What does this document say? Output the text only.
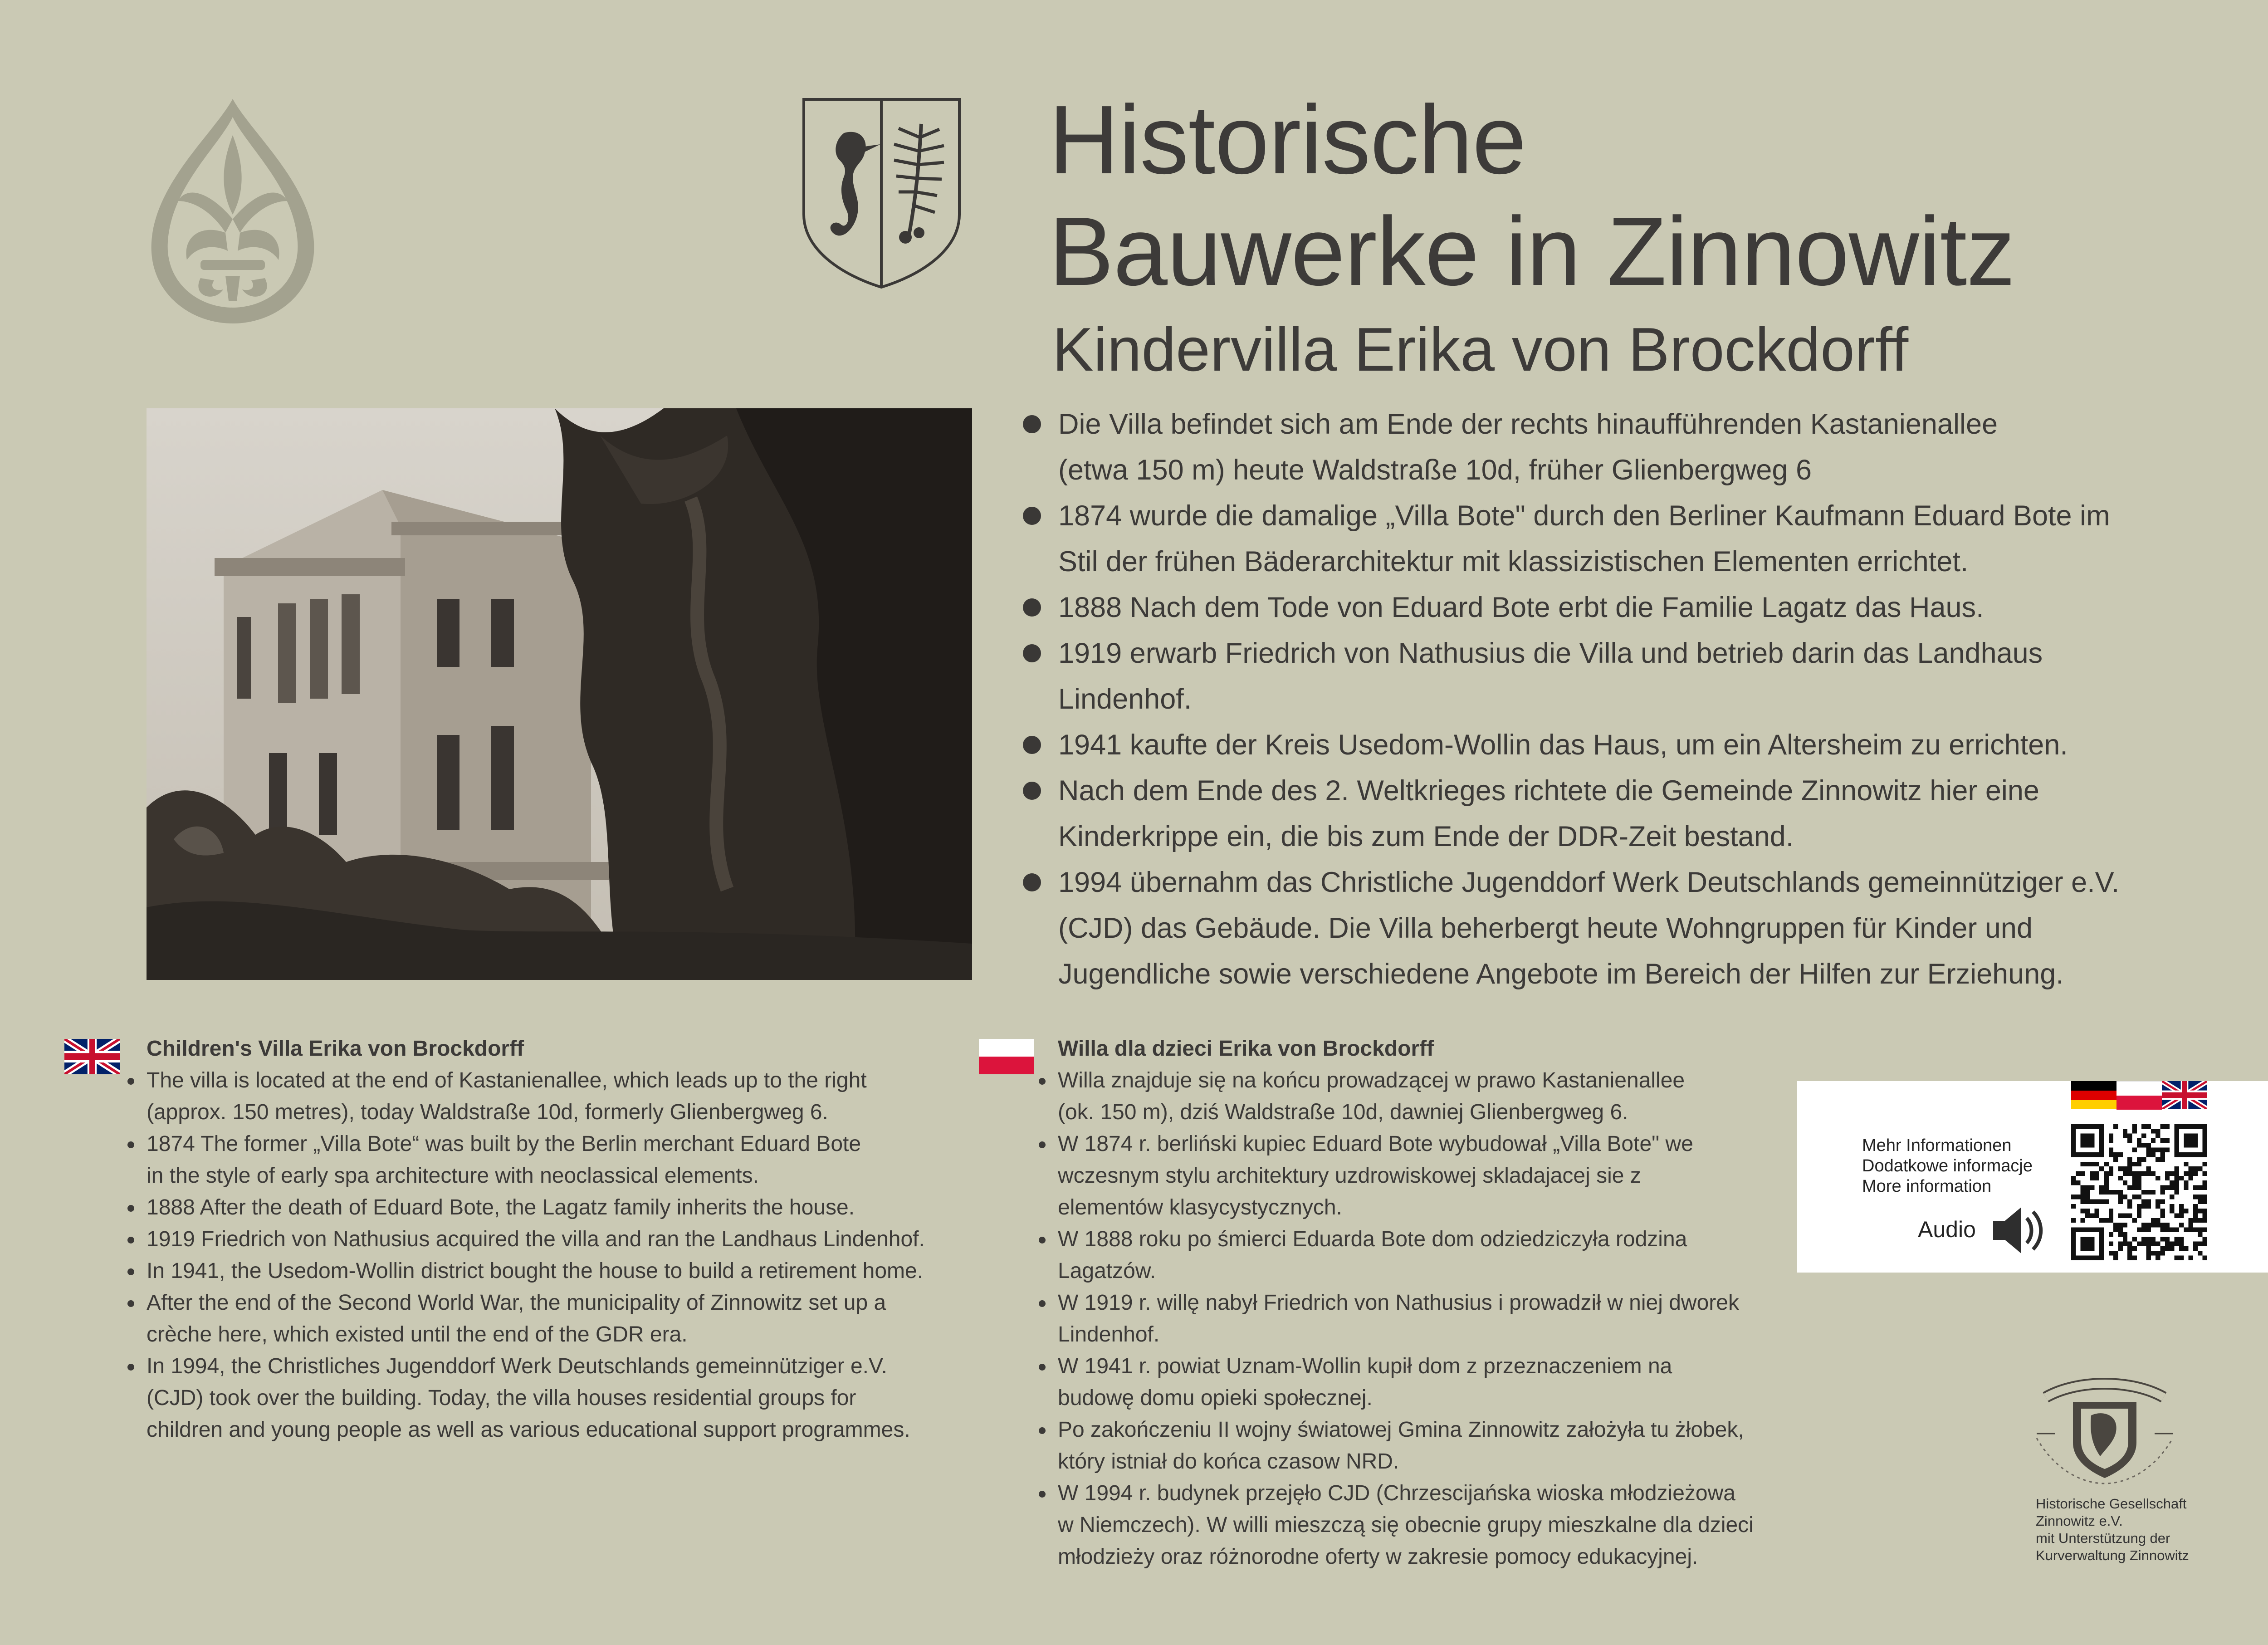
Historische
Bauwerke in Zinnowitz
Kindervilla Erika von Brockdorff
Die Villa befindet sich am Ende der rechts hinaufführenden Kastanienallee
(etwa 150 m) heute Waldstraße 10d, früher Glienbergweg 6
1874 wurde die damalige „Villa Bote" durch den Berliner Kaufmann Eduard Bote im
Stil der frühen Bäderarchitektur mit klassizistischen Elementen errichtet.
1888 Nach dem Tode von Eduard Bote erbt die Familie Lagatz das Haus.
1919 erwarb Friedrich von Nathusius die Villa und betrieb darin das Landhaus
Lindenhof.
1941 kaufte der Kreis Usedom-Wollin das Haus, um ein Altersheim zu errichten.
Nach dem Ende des 2. Weltkrieges richtete die Gemeinde Zinnowitz hier eine
Kinderkrippe ein, die bis zum Ende der DDR-Zeit bestand.
1994 übernahm das Christliche Jugenddorf Werk Deutschlands gemeinnütziger e.V.
(CJD) das Gebäude. Die Villa beherbergt heute Wohngruppen für Kinder und
Jugendliche sowie verschiedene Angebote im Bereich der Hilfen zur Erziehung.
Children's Villa Erika von Brockdorff
The villa is located at the end of Kastanienallee, which leads up to the right
(approx. 150 metres), today Waldstraße 10d, formerly Glienbergweg 6.
1874 The former „Villa Bote“ was built by the Berlin merchant Eduard Bote
in the style of early spa architecture with neoclassical elements.
1888 After the death of Eduard Bote, the Lagatz family inherits the house.
1919 Friedrich von Nathusius acquired the villa and ran the Landhaus Lindenhof.
In 1941, the Usedom-Wollin district bought the house to build a retirement home.
After the end of the Second World War, the municipality of Zinnowitz set up a
crèche here, which existed until the end of the GDR era.
In 1994, the Christliches Jugenddorf Werk Deutschlands gemeinnütziger e.V.
(CJD) took over the building. Today, the villa houses residential groups for
children and young people as well as various educational support programmes.
Willa dla dzieci Erika von Brockdorff
Willa znajduje się na końcu prowadzącej w prawo Kastanienallee
(ok. 150 m), dziś Waldstraße 10d, dawniej Glienbergweg 6.
W 1874 r. berliński kupiec Eduard Bote wybudował „Villa Bote" we
wczesnym stylu architektury uzdrowiskowej skladajacej sie z
elementów klasycystycznych.
W 1888 roku po śmierci Eduarda Bote dom odziedziczyła rodzina
Lagatzów.
W 1919 r. willę nabył Friedrich von Nathusius i prowadził w niej dworek
Lindenhof.
W 1941 r. powiat Uznam-Wollin kupił dom z przeznaczeniem na
budowę domu opieki społecznej.
Po zakończeniu II wojny światowej Gmina Zinnowitz założyła tu żłobek,
który istniał do końca czasow NRD.
W 1994 r. budynek przejęło CJD (Chrzescijańska wioska młodzieżowa
w Niemczech). W willi mieszczą się obecnie grupy mieszkalne dla dzieci
młodzieży oraz różnorodne oferty w zakresie pomocy edukacyjnej.
Mehr Informationen
Dodatkowe informacje
More information
Audio
Historische Gesellschaft
Zinnowitz e.V.
mit Unterstützung der
Kurverwaltung Zinnowitz
